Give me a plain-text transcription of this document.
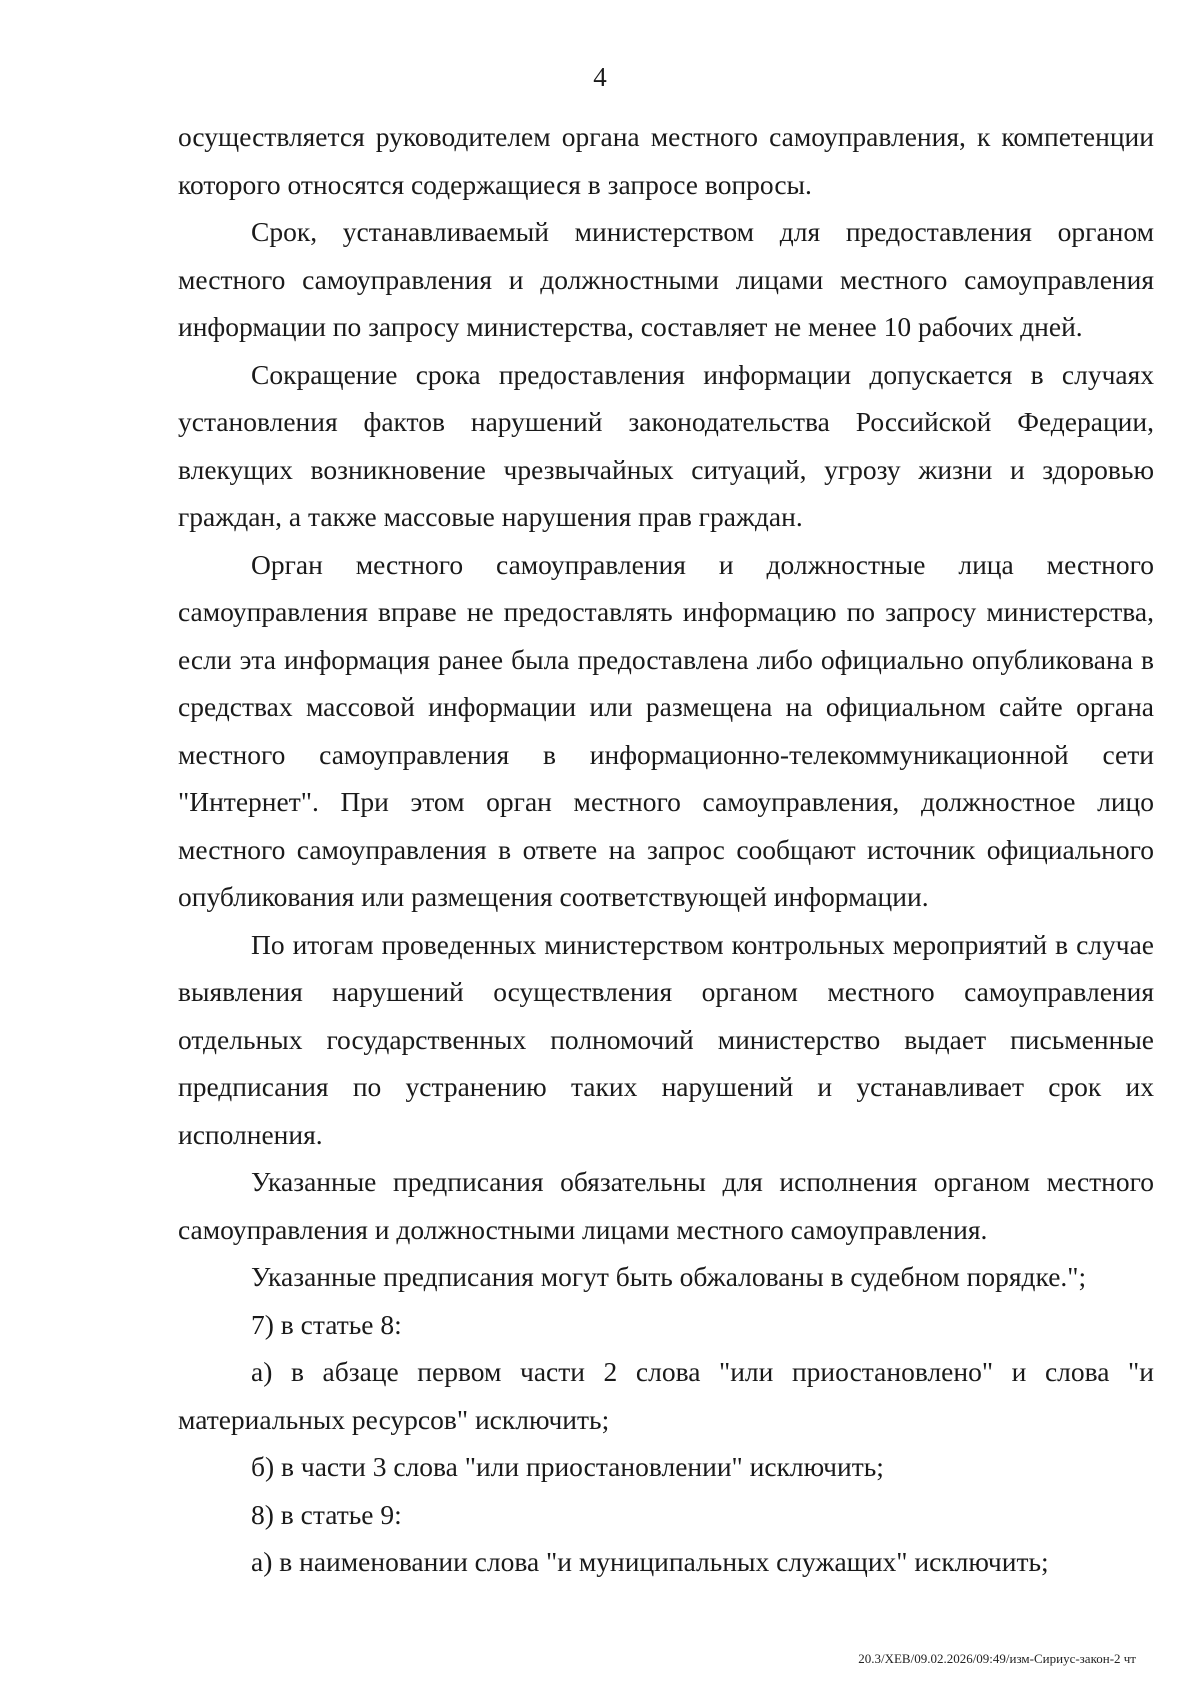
4

осуществляется руководителем органа местного самоуправления, к компетенции которого относятся содержащиеся в запросе вопросы.

Срок, устанавливаемый министерством для предоставления органом местного самоуправления и должностными лицами местного самоуправления информации по запросу министерства, составляет не менее 10 рабочих дней.

Сокращение срока предоставления информации допускается в случаях установления фактов нарушений законодательства Российской Федерации, влекущих возникновение чрезвычайных ситуаций, угрозу жизни и здоровью граждан, а также массовые нарушения прав граждан.

Орган местного самоуправления и должностные лица местного самоуправления вправе не предоставлять информацию по запросу министерства, если эта информация ранее была предоставлена либо официально опубликована в средствах массовой информации или размещена на официальном сайте органа местного самоуправления в информационно-телекоммуникационной сети "Интернет". При этом орган местного самоуправления, должностное лицо местного самоуправления в ответе на запрос сообщают источник официального опубликования или размещения соответствующей информации.

По итогам проведенных министерством контрольных мероприятий в случае выявления нарушений осуществления органом местного самоуправления отдельных государственных полномочий министерство выдает письменные предписания по устранению таких нарушений и устанавливает срок их исполнения.

Указанные предписания обязательны для исполнения органом местного самоуправления и должностными лицами местного самоуправления.

Указанные предписания могут быть обжалованы в судебном порядке.";

7) в статье 8:

а) в абзаце первом части 2 слова "или приостановлено" и слова "и материальных ресурсов" исключить;

б) в части 3 слова "или приостановлении" исключить;

8) в статье 9:

а) в наименовании слова "и муниципальных служащих" исключить;

20.3/ХЕВ/09.02.2026/09:49/изм-Сириус-закон-2 чт
